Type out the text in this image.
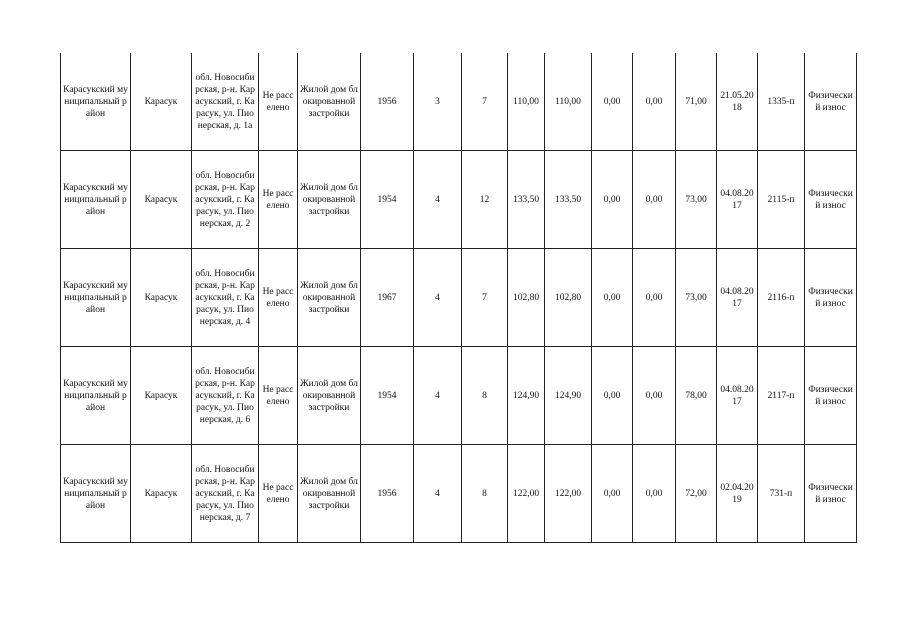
Карасукский муниципальный район	Карасук	обл. Новосибирская, р-н. Карасукский, г. Карасук, ул. Пионерская, д. 1а	Не расселено	Жилой дом блокированной застройки	1956	3	7	110,00	110,00	0,00	0,00	71,00	21.05.2018	1335-п	Физический износ
Карасукский муниципальный район	Карасук	обл. Новосибирская, р-н. Карасукский, г. Карасук, ул. Пионерская, д. 2	Не расселено	Жилой дом блокированной застройки	1954	4	12	133,50	133,50	0,00	0,00	73,00	04.08.2017	2115-п	Физический износ
Карасукский муниципальный район	Карасук	обл. Новосибирская, р-н. Карасукский, г. Карасук, ул. Пионерская, д. 4	Не расселено	Жилой дом блокированной застройки	1967	4	7	102,80	102,80	0,00	0,00	73,00	04.08.2017	2116-п	Физический износ
Карасукский муниципальный район	Карасук	обл. Новосибирская, р-н. Карасукский, г. Карасук, ул. Пионерская, д. 6	Не расселено	Жилой дом блокированной застройки	1954	4	8	124,90	124,90	0,00	0,00	78,00	04.08.2017	2117-п	Физический износ
Карасукский муниципальный район	Карасук	обл. Новосибирская, р-н. Карасукский, г. Карасук, ул. Пионерская, д. 7	Не расселено	Жилой дом блокированной застройки	1956	4	8	122,00	122,00	0,00	0,00	72,00	02.04.2019	731-п	Физический износ
